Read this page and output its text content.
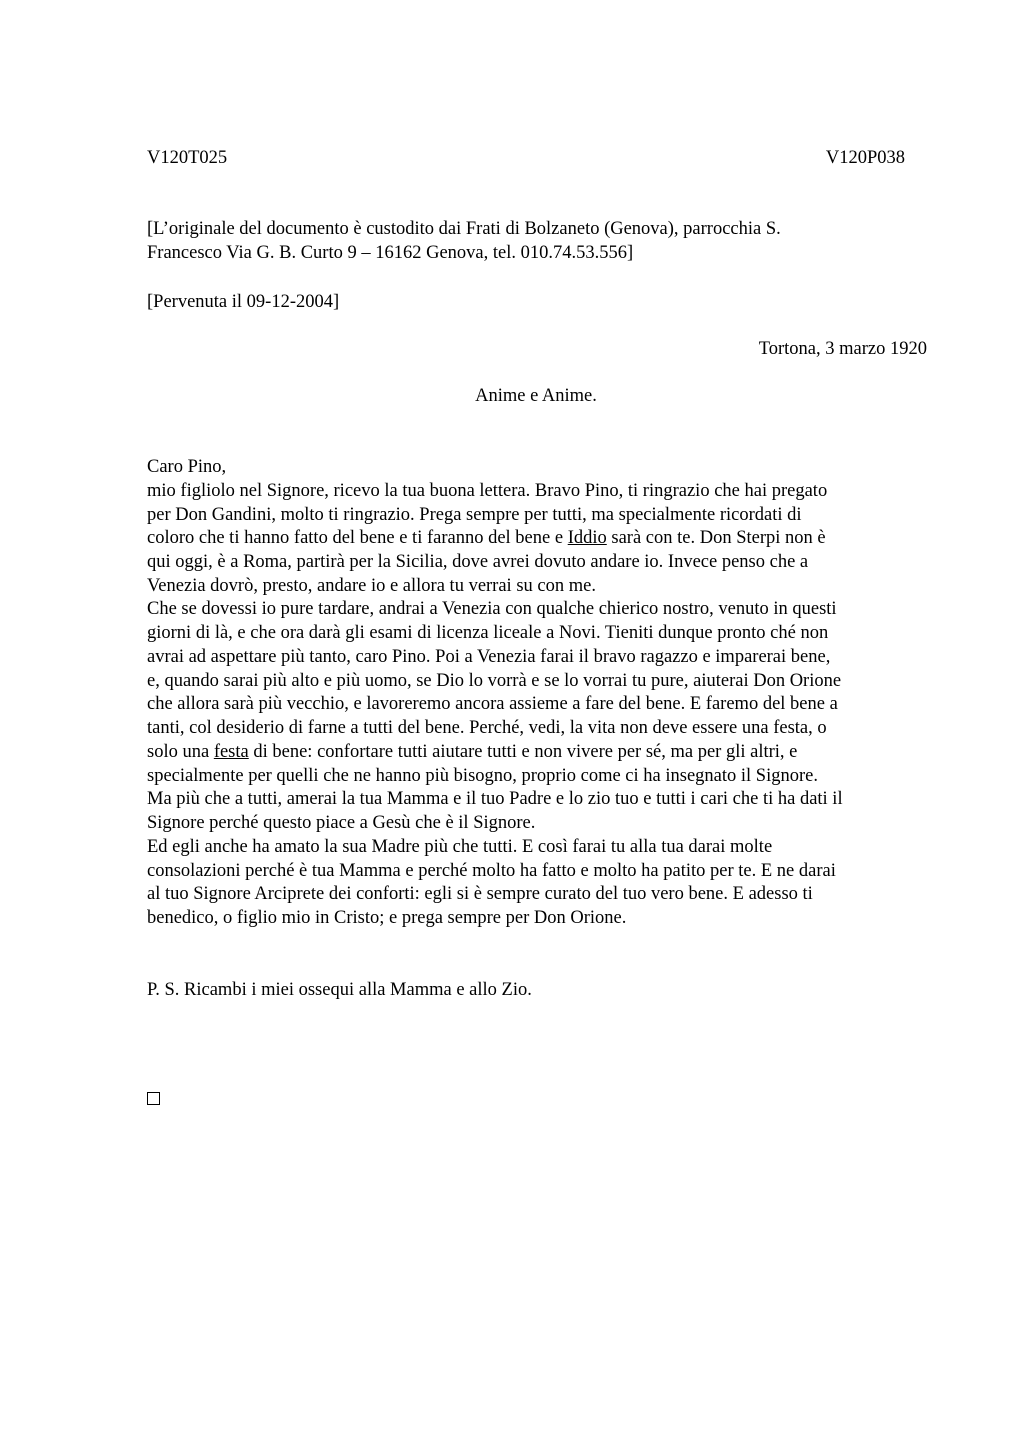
V120T025	V120P038
[L’originale del documento è custodito dai Frati di Bolzaneto (Genova), parrocchia S.
Francesco Via G. B. Curto 9 – 16162 Genova, tel. 010.74.53.556]
[Pervenuta il 09-12-2004]
Tortona, 3 marzo 1920
Anime e Anime.
Caro Pino,
mio figliolo nel Signore, ricevo la tua buona lettera. Bravo Pino, ti ringrazio che hai pregato
per Don Gandini, molto ti ringrazio. Prega sempre per tutti, ma specialmente ricordati di
coloro che ti hanno fatto del bene e ti faranno del bene e Iddio sarà con te. Don Sterpi non è
qui oggi, è a Roma, partirà per la Sicilia, dove avrei dovuto andare io. Invece penso che a
Venezia dovrò, presto, andare io e allora tu verrai su con me.
Che se dovessi io pure tardare, andrai a Venezia con qualche chierico nostro, venuto in questi
giorni di là, e che ora darà gli esami di licenza liceale a Novi. Tieniti dunque pronto ché non
avrai ad aspettare più tanto, caro Pino. Poi a Venezia farai il bravo ragazzo e imparerai bene,
e, quando sarai più alto e più uomo, se Dio lo vorrà e se lo vorrai tu pure, aiuterai Don Orione
che allora sarà più vecchio, e lavoreremo ancora assieme a fare del bene. E faremo del bene a
tanti, col desiderio di farne a tutti del bene. Perché, vedi, la vita non deve essere una festa, o
solo una festa di bene: confortare tutti aiutare tutti e non vivere per sé, ma per gli altri, e
specialmente per quelli che ne hanno più bisogno, proprio come ci ha insegnato il Signore.
Ma più che a tutti, amerai la tua Mamma e il tuo Padre e lo zio tuo e tutti i cari che ti ha dati il
Signore perché questo piace a Gesù che è il Signore.
Ed egli anche ha amato la sua Madre più che tutti. E così farai tu alla tua darai molte
consolazioni perché è tua Mamma e perché molto ha fatto e molto ha patito per te. E ne darai
al tuo Signore Arciprete dei conforti: egli si è sempre curato del tuo vero bene. E adesso ti
benedico, o figlio mio in Cristo; e prega sempre per Don Orione.
P. S. Ricambi i miei ossequi alla Mamma e allo Zio.
